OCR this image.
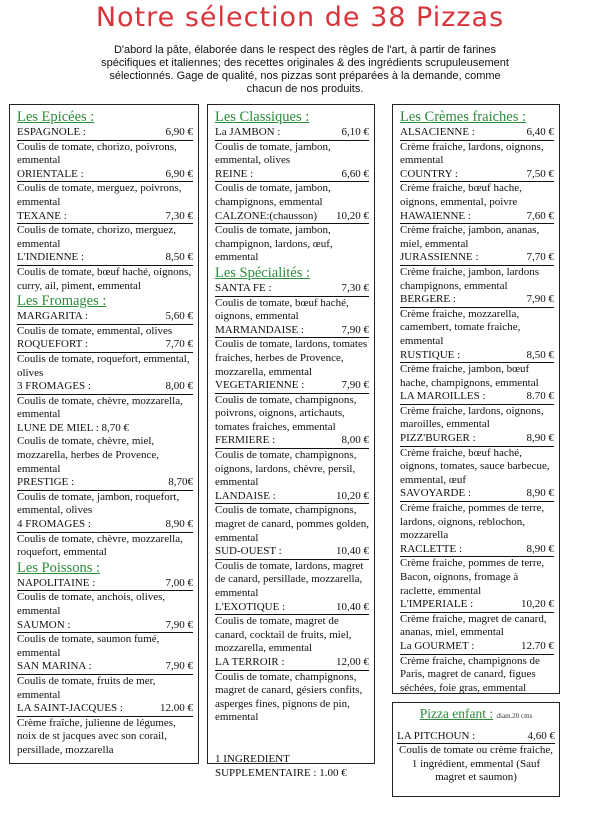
Notre sélection de 38 Pizzas
D'abord la pâte, élaborée dans le respect des règles de l'art, à partir de farines spécifiques et italiennes; des recettes originales & des ingrédients scrupuleusement sélectionnés. Gage de qualité, nos pizzas sont préparées à la demande, comme chacun de nos produits.
Les Epicées :
ESPAGNOLE :	6,90 €
Coulis de tomate, chorizo, poivrons, emmental
ORIENTALE :	6,90 €
Coulis de tomate, merguez, poivrons, emmental
TEXANE :	7,30 €
Coulis de tomate, chorizo, merguez, emmental
L'INDIENNE :	8,50 €
Coulis de tomate, bœuf haché, oignons, curry, ail, piment, emmental
Les Fromages :
MARGARITA :	5,60 €
Coulis de tomate, emmental, olives
ROQUEFORT :	7,70 €
Coulis de tomate, roquefort, emmental, olives
3 FROMAGES :	8,00 €
Coulis de tomate, chèvre, mozzarella, emmental
LUNE DE MIEL : 8,70 €
Coulis de tomate, chèvre, miel, mozzarella, herbes de Provence, emmental
PRESTIGE :	8,70€
Coulis de tomate, jambon, roquefort, emmental, olives
4 FROMAGES :	8,90 €
Coulis de tomate, chèvre, mozzarella, roquefort, emmental
Les Poissons :
NAPOLITAINE :	7,00 €
Coulis de tomate, anchois, olives, emmental
SAUMON :	7,90 €
Coulis de tomate, saumon fumé, emmental
SAN MARINA :	7,90 €
Coulis de tomate, fruits de mer, emmental
LA SAINT-JACQUES :	12.00 €
Crème fraîche, julienne de légumes, noix de st jacques avec son corail, persillade, mozzarella
Les Classiques :
La JAMBON :	6,10 €
Coulis de tomate, jambon, emmental, olives
REINE :	6,60 €
Coulis de tomate, jambon, champignons, emmental
CALZONE:(chausson) 10,20 €
Coulis de tomate, jambon, champignon, lardons, œuf, emmental
Les Spécialités :
SANTA FE :	7,30 €
Coulis de tomate, bœuf haché, oignons, emmental
MARMANDAISE :	7,90 €
Coulis de tomate, lardons, tomates fraiches, herbes de Provence, mozzarella, emmental
VEGETARIENNE :	7,90 €
Coulis de tomate, champignons, poivrons, oignons, artichauts, tomates fraiches, emmental
FERMIERE :	8,00 €
Coulis de tomate, champignons, oignons, lardons, chèvre, persil, emmental
LANDAISE :	10,20 €
Coulis de tomate, champignons, magret de canard, pommes golden, emmental
SUD-OUEST :	10,40 €
Coulis de tomate, lardons, magret de canard, persillade, mozzarella, emmental
L'EXOTIQUE :	10,40 €
Coulis de tomate, magret de canard, cocktail de fruits, miel, mozzarella, emmental
LA TERROIR :	12,00 €
Coulis de tomate, champignons, magret de canard, gésiers confits, asperges fines, pignons de pin, emmental
1 INGREDIENT
SUPPLEMENTAIRE : 1.00 €
Les Crèmes fraiches :
ALSACIENNE :	6,40 €
Crème fraiche, lardons, oignons, emmental
COUNTRY :	7,50 €
Crème fraiche, bœuf hache, oignons, emmental, poivre
HAWAIENNE :	7,60 €
Crème fraiche, jambon, ananas, miel, emmental
JURASSIENNE :	7,70 €
Crème fraiche, jambon, lardons champignons, emmental
BERGERE :	7,90 €
Crème fraiche, mozzarella, camembert, tomate fraiche, emmental
RUSTIQUE :	8,50 €
Crème fraiche, jambon, bœuf hache, champignons, emmental
LA MAROILLES :	8.70 €
Crème fraiche, lardons, oignons, maroilles, emmental
PIZZ'BURGER :	8,90 €
Crème fraiche, bœuf haché, oignons, tomates, sauce barbecue, emmental, œuf
SAVOYARDE :	8,90 €
Crème fraiche, pommes de terre, lardons, oignons, reblochon, mozzarella
RACLETTE :	8,90 €
Crème fraiche, pommes de terre, Bacon, oignons, fromage à raclette, emmental
L'IMPERIALE :	10,20 €
Crème fraiche, magret de canard, ananas, miel, emmental
La GOURMET :	12.70 €
Crème fraiche, champignons de Paris, magret de canard, figues séchées, foie gras, emmental
Pizza enfant : diam.20 cms
LA PITCHOUN :	4,60 €
Coulis de tomate ou crème fraiche, 1 ingrédient, emmental (Sauf magret et saumon)
